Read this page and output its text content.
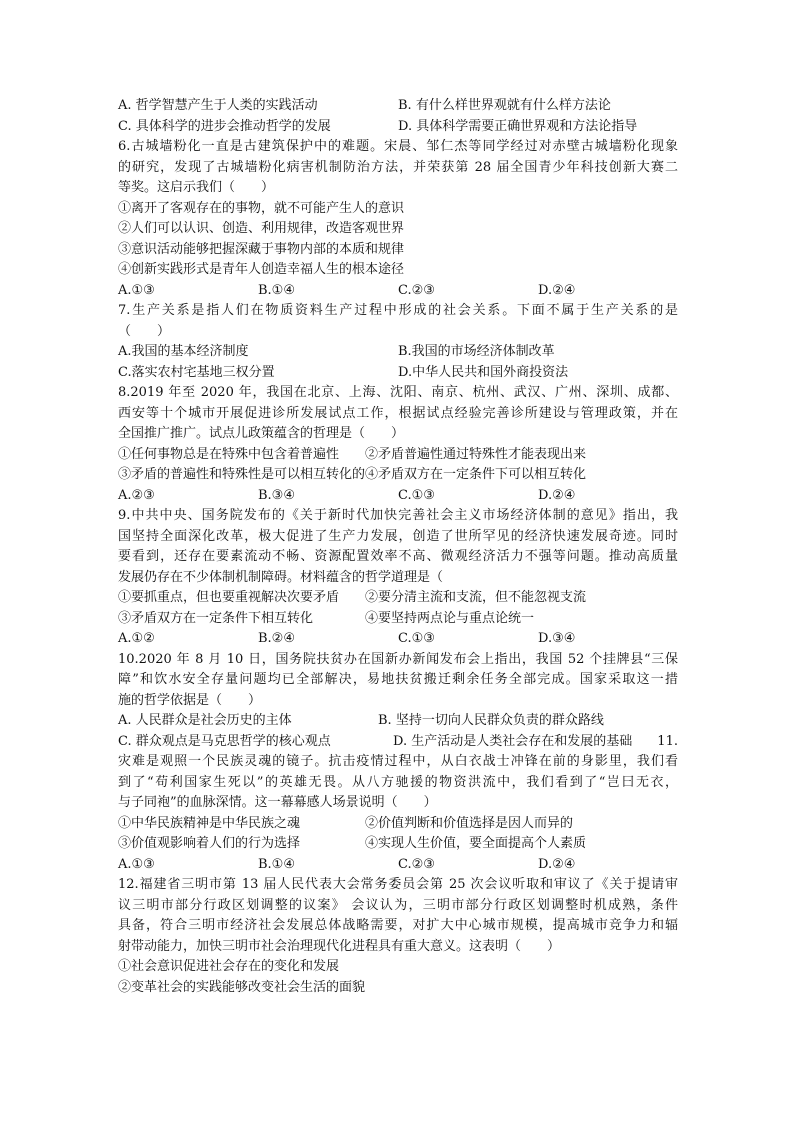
A. 哲学智慧产生于人类的实践活动	B. 有什么样世界观就有什么样方法论
C. 具体科学的进步会推动哲学的发展	D. 具体科学需要正确世界观和方法论指导
6.古城墙粉化一直是古建筑保护中的难题。宋晨、邹仁杰等同学经过对赤壁古城墙粉化现象
的研究，发现了古城墙粉化病害机制防治方法，并荣获第 28 届全国青少年科技创新大赛二
等奖。这启示我们（　　）
①离开了客观存在的事物，就不可能产生人的意识
②人们可以认识、创造、利用规律，改造客观世界
③意识活动能够把握深藏于事物内部的本质和规律
④创新实践形式是青年人创造幸福人生的根本途径
A.①③	B.①④	C.②③	D.②④
7.生产关系是指人们在物质资料生产过程中形成的社会关系。下面不属于生产关系的是
（　　）
A.我国的基本经济制度	B.我国的市场经济体制改革
C.落实农村宅基地三权分置	D.中华人民共和国外商投资法
8.2019 年至 2020 年，我国在北京、上海、沈阳、南京、杭州、武汉、广州、深圳、成都、
西安等十个城市开展促进诊所发展试点工作，根据试点经验完善诊所建设与管理政策，并在
全国推广推广。试点儿政策蕴含的哲理是（　　）
①任何事物总是在特殊中包含着普遍性　　②矛盾普遍性通过特殊性才能表现出来
③矛盾的普遍性和特殊性是可以相互转化的④矛盾双方在一定条件下可以相互转化
A.②③	B.③④	C.①③	D.②④
9.中共中央、国务院发布的《关于新时代加快完善社会主义市场经济体制的意见》指出，我
国坚持全面深化改革，极大促进了生产力发展，创造了世所罕见的经济快速发展奇迹。同时
要看到，还存在要素流动不畅、资源配置效率不高、微观经济活力不强等问题。推动高质量
发展仍存在不少体制机制障碍。材料蕴含的哲学道理是（
①要抓重点，但也要重视解决次要矛盾　　②要分清主流和支流，但不能忽视支流
③矛盾双方在一定条件下相互转化　　　　④要坚持两点论与重点论统一
A.①②	B.②④	C.①③	D.③④
10.2020 年 8 月 10 日，国务院扶贫办在国新办新闻发布会上指出，我国 52 个挂牌县“三保
障”和饮水安全存量问题均已全部解决，易地扶贫搬迁剩余任务全部完成。国家采取这一措
施的哲学依据是（　　）
A. 人民群众是社会历史的主体	B. 坚持一切向人民群众负责的群众路线
C. 群众观点是马克思哲学的核心观点	D. 生产活动是人类社会存在和发展的基础 11.
灾难是观照一个民族灵魂的镜子。抗击疫情过程中，从白衣战士冲锋在前的身影里，我们看
到了“苟利国家生死以”的英雄无畏。从八方驰援的物资洪流中，我们看到了“岂曰无衣，
与子同袍”的血脉深情。这一幕幕感人场景说明（　　）
①中华民族精神是中华民族之魂　　　　　②价值判断和价值选择是因人而异的
③价值观影响着人们的行为选择　　　　　④实现人生价值，要全面提高个人素质
A.①③	B.①④	C.②③	D.②④
12.福建省三明市第 13 届人民代表大会常务委员会第 25 次会议听取和审议了《关于提请审
议三明市部分行政区划调整的议案》 会议认为，三明市部分行政区划调整时机成熟，条件
具备，符合三明市经济社会发展总体战略需要，对扩大中心城市规模，提高城市竞争力和辐
射带动能力，加快三明市社会治理现代化进程具有重大意义。这表明（　　）
①社会意识促进社会存在的变化和发展
②变革社会的实践能够改变社会生活的面貌
